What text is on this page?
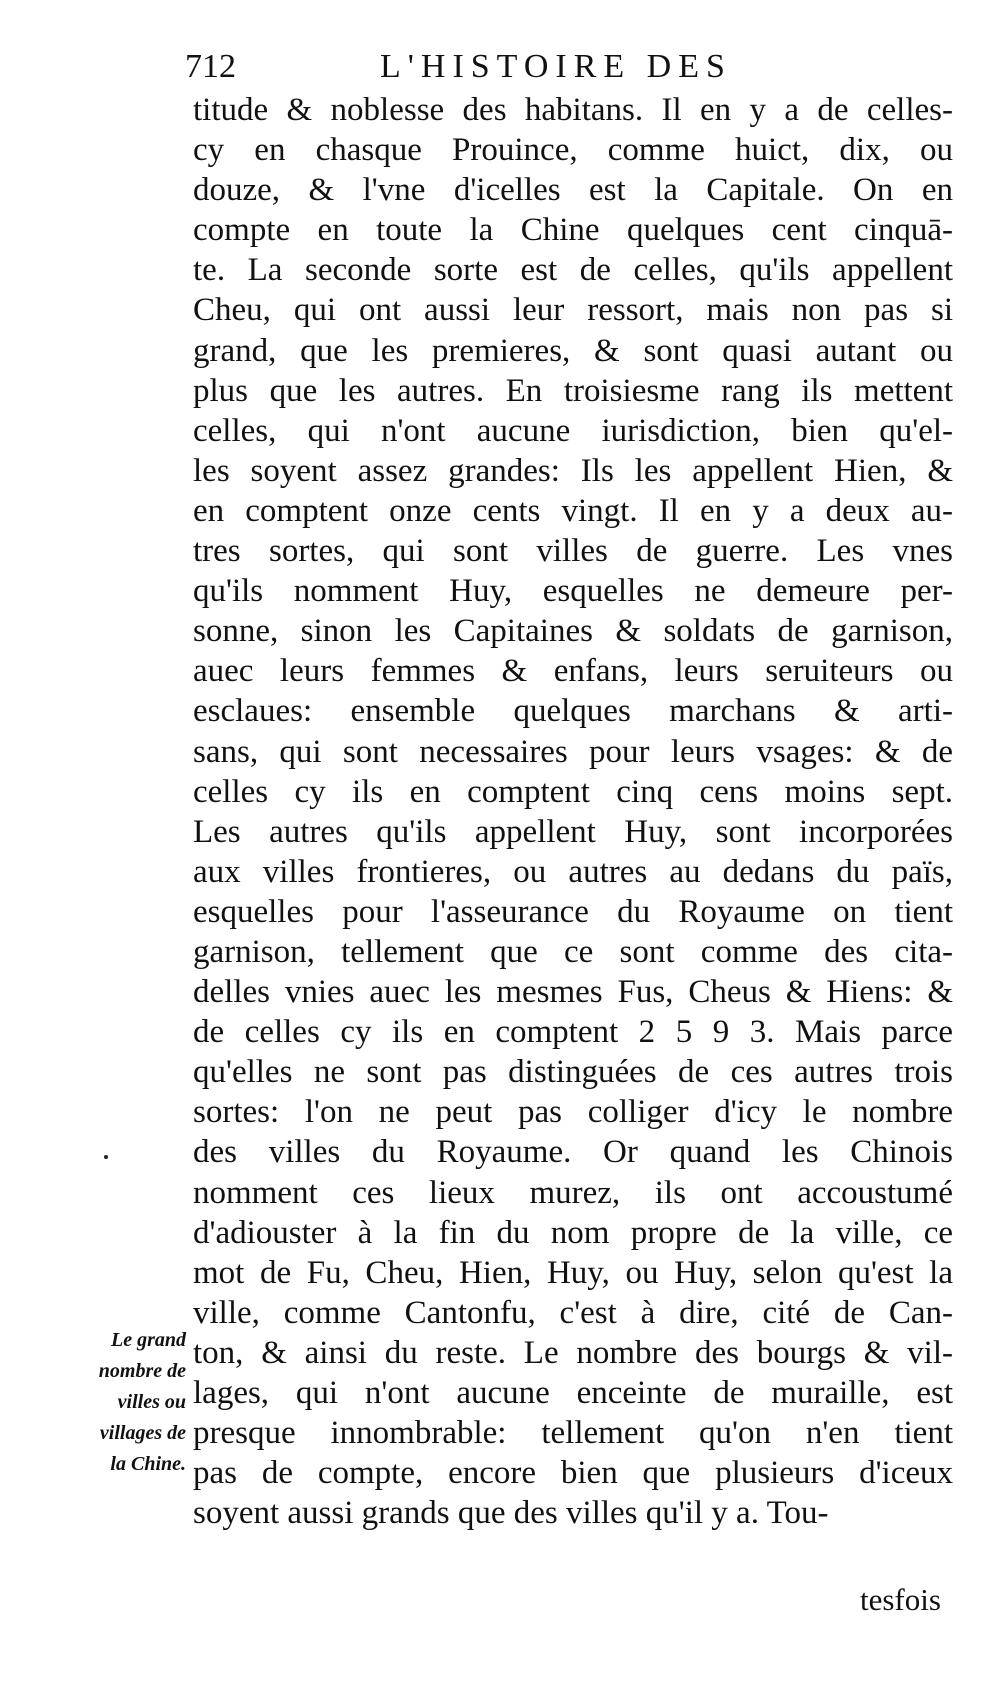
712	L'HISTOIRE DES
titude & noblesse des habitans. Il en y a de celles-
cy en chasque Prouince, comme huict, dix, ou
douze, & l'vne d'icelles est la Capitale. On en
compte en toute la Chine quelques cent cinquā-
te. La seconde sorte est de celles, qu'ils appellent
Cheu, qui ont aussi leur ressort, mais non pas si
grand, que les premieres, & sont quasi autant ou
plus que les autres. En troisiesme rang ils mettent
celles, qui n'ont aucune iurisdiction, bien qu'el-
les soyent assez grandes: Ils les appellent Hien, &
en comptent onze cents vingt. Il en y a deux au-
tres sortes, qui sont villes de guerre. Les vnes
qu'ils nomment Huy, esquelles ne demeure per-
sonne, sinon les Capitaines & soldats de garnison,
auec leurs femmes & enfans, leurs seruiteurs ou
esclaues: ensemble quelques marchans & arti-
sans, qui sont necessaires pour leurs vsages: & de
celles cy ils en comptent cinq cens moins sept.
Les autres qu'ils appellent Huy, sont incorporées
aux villes frontieres, ou autres au dedans du païs,
esquelles pour l'asseurance du Royaume on tient
garnison, tellement que ce sont comme des cita-
delles vnies auec les mesmes Fus, Cheus & Hiens: &
de celles cy ils en comptent 2 5 9 3. Mais parce
qu'elles ne sont pas distinguées de ces autres trois
sortes: l'on ne peut pas colliger d'icy le nombre
des villes du Royaume. Or quand les Chinois
nomment ces lieux murez, ils ont accoustumé
d'adiouster à la fin du nom propre de la ville, ce
mot de Fu, Cheu, Hien, Huy, ou Huy, selon qu'est la
ville, comme Cantonfu, c'est à dire, cité de Can-
ton, & ainsi du reste. Le nombre des bourgs & vil-
lages, qui n'ont aucune enceinte de muraille, est
presque innombrable: tellement qu'on n'en tient
pas de compte, encore bien que plusieurs d'iceux
soyent aussi grands que des villes qu'il y a. Tou-
Le grand
nombre de
villes ou
villages de
la Chine.
tesfois
